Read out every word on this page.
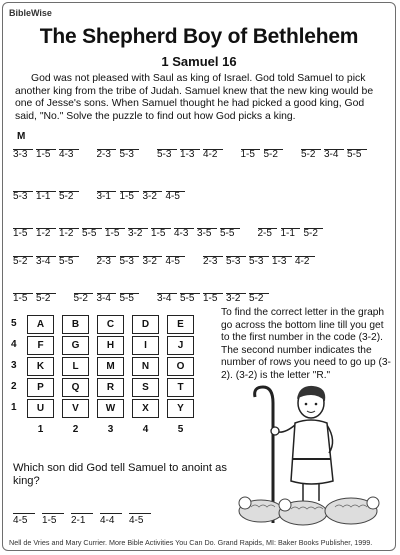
BibleWise
The Shepherd Boy of Bethlehem
1 Samuel 16

God was not pleased with Saul as king of Israel. God told Samuel to pick another king from the tribe of Judah. Samuel knew that the new king would be one of Jesse's sons. When Samuel thought he had picked a good king, God said, "No." Solve the puzzle to find out how God picks a king.

M
3-3 1-5 4-3 2-3 5-3 5-3 1-3 4-2 1-5 5-2 5-2 3-4 5-5
5-3 1-1 5-2 3-1 1-5 3-2 4-5
1-5 1-2 1-2 5-5 1-5 3-2 1-5 4-3 3-5 5-5 2-5 1-1 5-2
5-2 3-4 5-5 2-3 5-3 3-2 4-5 2-3 5-3 5-3 1-3 4-2
1-5 5-2 5-2 3-4 5-5 3-4 5-5 1-5 3-2 5-2
5	A	B	C	D	E
4	F	G	H	I	J
3	K	L	M	N	O
2	P	Q	R	S	T
1	U	V	W	X	Y
1	2	3	4	5

To find the correct letter in the graph go across the bottom line till you get to the first number in the code (3-2). The second number indicates the number of rows you need to go up (3-2). (3-2) is the letter "R."

Which son did God tell Samuel to anoint as king?

4-5 1-5 2-1 4-4 4-5
Nell de Vries and Mary Currier. More Bible Activities You Can Do. Grand Rapids, MI: Baker Books Publisher, 1999.
